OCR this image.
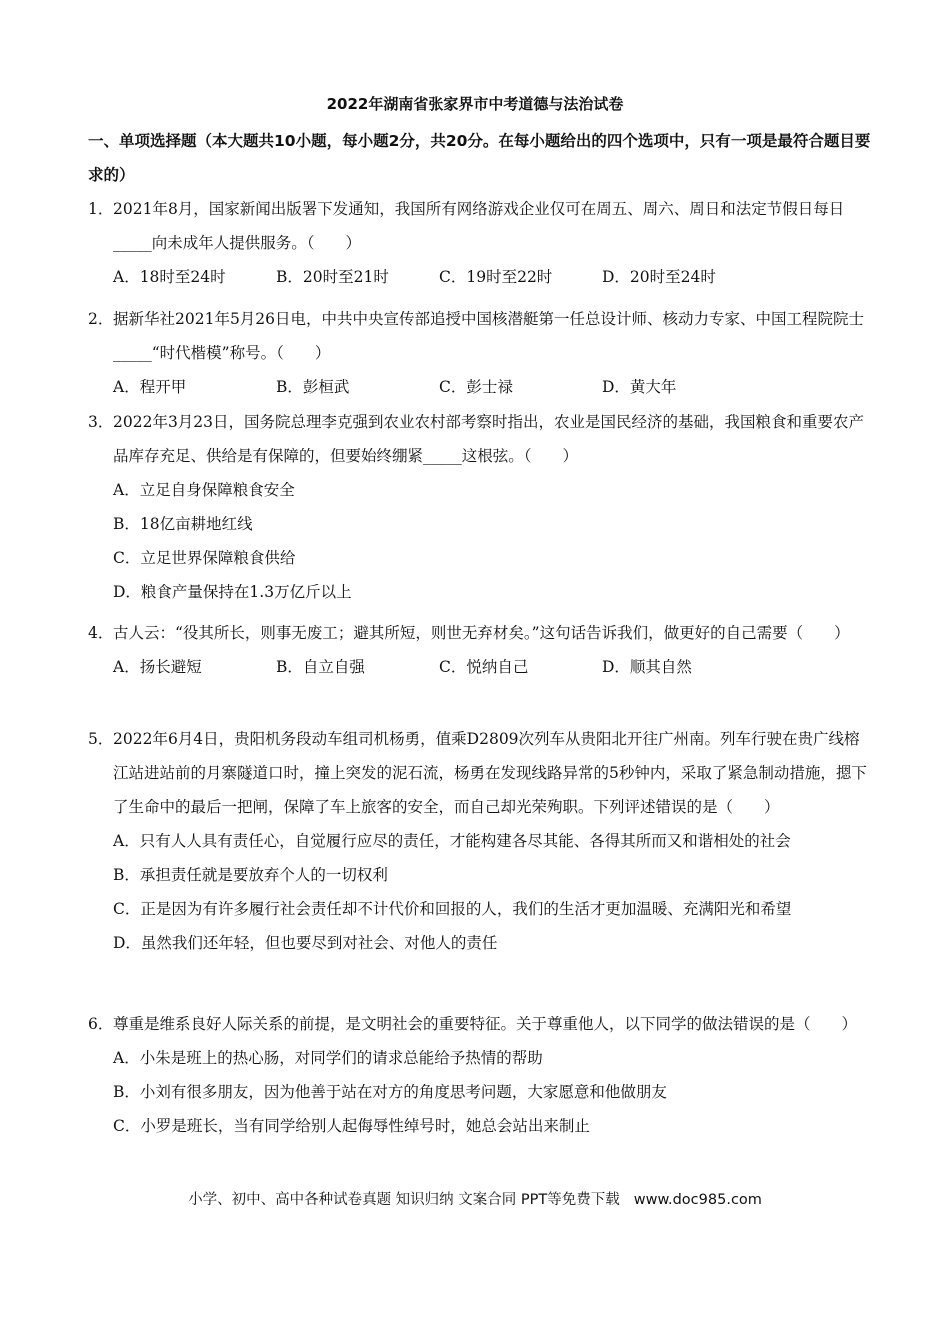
2022年湖南省张家界市中考道德与法治试卷
一、单项选择题（本大题共10小题，每小题2分，共20分。在每小题给出的四个选项中，只有一项是最符合题目要求的）
1．2021年8月，国家新闻出版署下发通知，我国所有网络游戏企业仅可在周五、周六、周日和法定节假日每日_____向未成年人提供服务。（　　）
A．18时至24时	B．20时至21时	C．19时至22时	D．20时至24时
2．据新华社2021年5月26日电，中共中央宣传部追授中国核潜艇第一任总设计师、核动力专家、中国工程院院士_____“时代楷模”称号。（　　）
A．程开甲	B．彭桓武	C．彭士禄	D．黄大年
3．2022年3月23日，国务院总理李克强到农业农村部考察时指出，农业是国民经济的基础，我国粮食和重要农产品库存充足、供给是有保障的，但要始终绷紧_____这根弦。（　　）
A．立足自身保障粮食安全
B．18亿亩耕地红线
C．立足世界保障粮食供给
D．粮食产量保持在1.3万亿斤以上
4．古人云：“役其所长，则事无废工；避其所短，则世无弃材矣。”这句话告诉我们，做更好的自己需要（　　）
A．扬长避短	B．自立自强	C．悦纳自己	D．顺其自然
5．2022年6月4日，贵阳机务段动车组司机杨勇，值乘D2809次列车从贵阳北开往广州南。列车行驶在贵广线榕江站进站前的月寨隧道口时，撞上突发的泥石流，杨勇在发现线路异常的5秒钟内，采取了紧急制动措施，摁下了生命中的最后一把闸，保障了车上旅客的安全，而自己却光荣殉职。下列评述错误的是（　　）
A．只有人人具有责任心，自觉履行应尽的责任，才能构建各尽其能、各得其所而又和谐相处的社会
B．承担责任就是要放弃个人的一切权利
C．正是因为有许多履行社会责任却不计代价和回报的人，我们的生活才更加温暖、充满阳光和希望
D．虽然我们还年轻，但也要尽到对社会、对他人的责任
6．尊重是维系良好人际关系的前提，是文明社会的重要特征。关于尊重他人，以下同学的做法错误的是（　　）
A．小朱是班上的热心肠，对同学们的请求总能给予热情的帮助
B．小刘有很多朋友，因为他善于站在对方的角度思考问题，大家愿意和他做朋友
C．小罗是班长，当有同学给别人起侮辱性绰号时，她总会站出来制止
小学、初中、高中各种试卷真题 知识归纳 文案合同 PPT等免费下载 www.doc985.com
